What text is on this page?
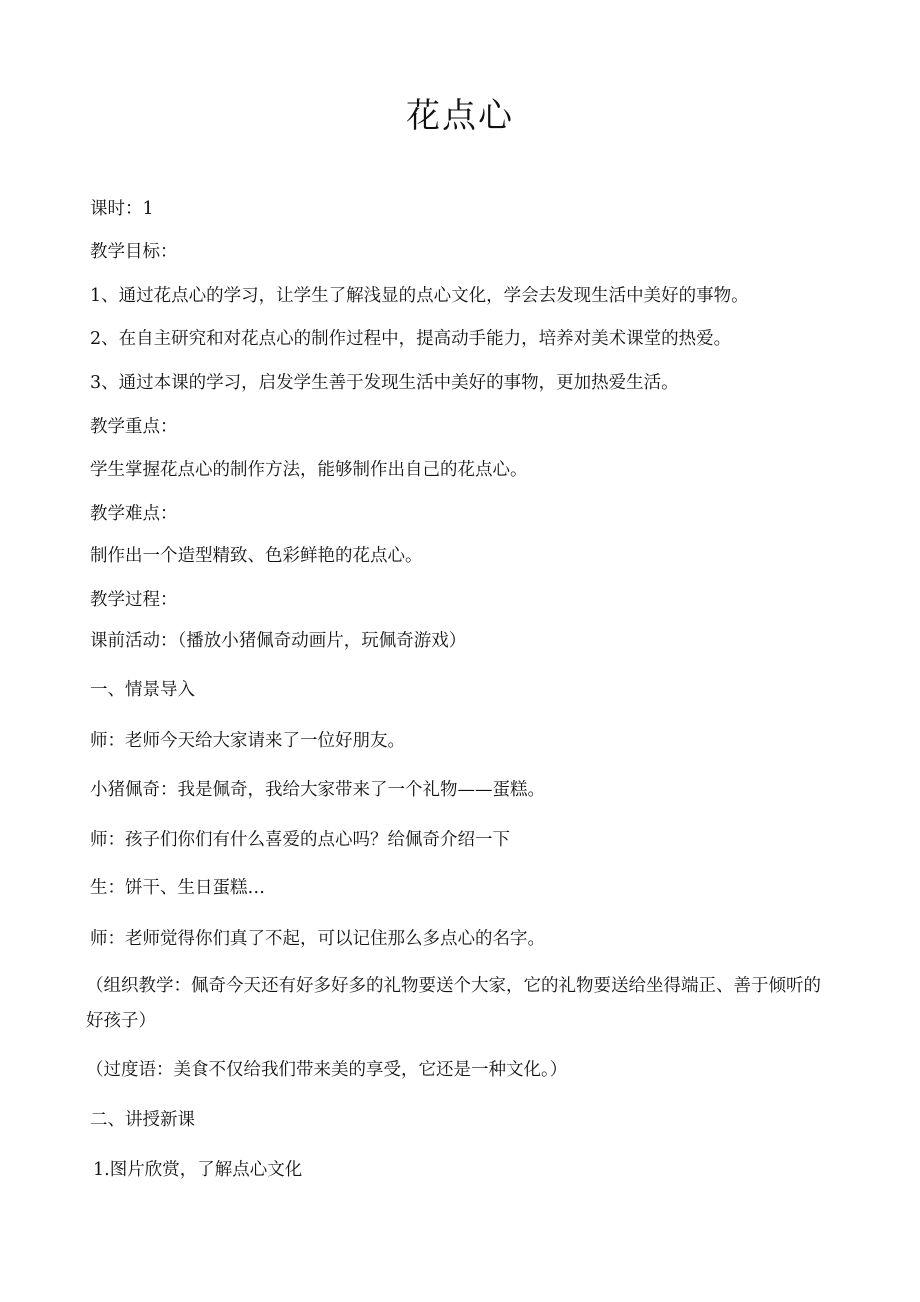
花点心
课时：1
教学目标：
1、通过花点心的学习，让学生了解浅显的点心文化，学会去发现生活中美好的事物。
2、在自主研究和对花点心的制作过程中，提高动手能力，培养对美术课堂的热爱。
3、通过本课的学习，启发学生善于发现生活中美好的事物，更加热爱生活。
教学重点：
学生掌握花点心的制作方法，能够制作出自己的花点心。
教学难点：
制作出一个造型精致、色彩鲜艳的花点心。
教学过程：
课前活动：（播放小猪佩奇动画片，玩佩奇游戏）
一、情景导入
师：老师今天给大家请来了一位好朋友。
小猪佩奇：我是佩奇，我给大家带来了一个礼物——蛋糕。
师：孩子们你们有什么喜爱的点心吗？给佩奇介绍一下
生：饼干、生日蛋糕…
师：老师觉得你们真了不起，可以记住那么多点心的名字。
（组织教学：佩奇今天还有好多好多的礼物要送个大家，它的礼物要送给坐得端正、善于倾听的好孩子）
（过度语：美食不仅给我们带来美的享受，它还是一种文化。）
二、讲授新课
1.图片欣赏，了解点心文化
